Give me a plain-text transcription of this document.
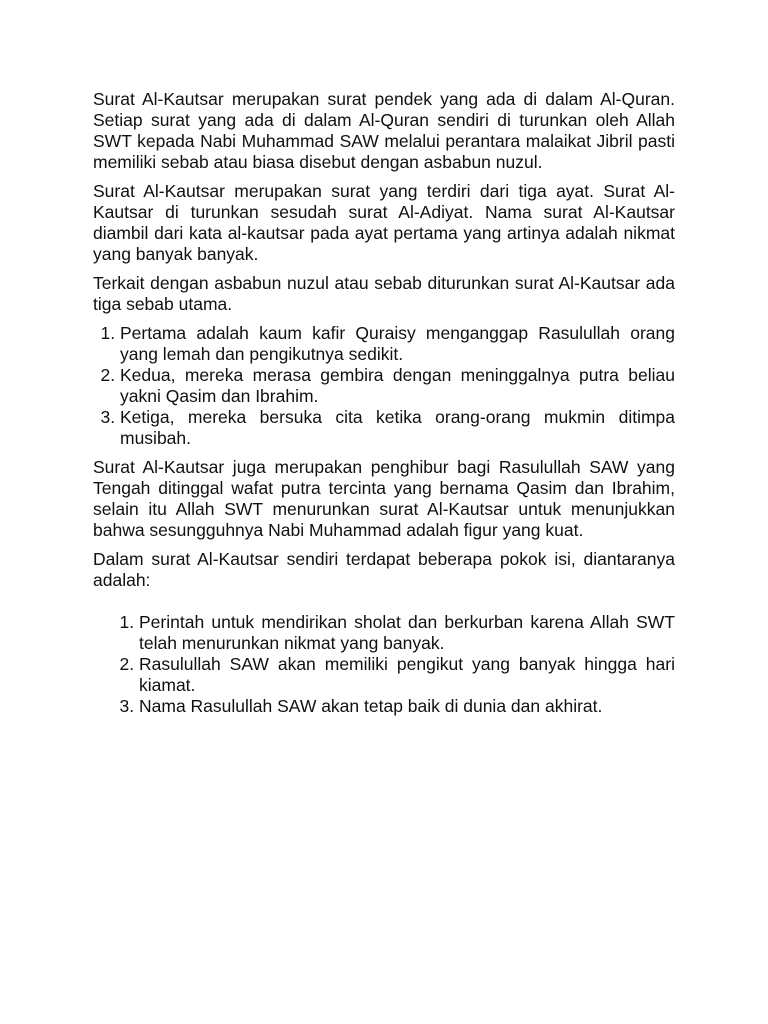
Surat Al-Kautsar merupakan surat pendek yang ada di dalam Al-Quran. Setiap surat yang ada di dalam Al-Quran sendiri di turunkan oleh Allah SWT kepada Nabi Muhammad SAW melalui perantara malaikat Jibril pasti memiliki sebab atau biasa disebut dengan asbabun nuzul.

Surat Al-Kautsar merupakan surat yang terdiri dari tiga ayat. Surat Al-Kautsar di turunkan sesudah surat Al-Adiyat. Nama surat Al-Kautsar diambil dari kata al-kautsar pada ayat pertama yang artinya adalah nikmat yang banyak banyak.

Terkait dengan asbabun nuzul atau sebab diturunkan surat Al-Kautsar ada tiga sebab utama.

1. Pertama adalah kaum kafir Quraisy menganggap Rasulullah orang yang lemah dan pengikutnya sedikit.
2. Kedua, mereka merasa gembira dengan meninggalnya putra beliau yakni Qasim dan Ibrahim.
3. Ketiga, mereka bersuka cita ketika orang-orang mukmin ditimpa musibah.

Surat Al-Kautsar juga merupakan penghibur bagi Rasulullah SAW yang Tengah ditinggal wafat putra tercinta yang bernama Qasim dan Ibrahim, selain itu Allah SWT menurunkan surat Al-Kautsar untuk menunjukkan bahwa sesungguhnya Nabi Muhammad adalah figur yang kuat.

Dalam surat Al-Kautsar sendiri terdapat beberapa pokok isi, diantaranya adalah:

1. Perintah untuk mendirikan sholat dan berkurban karena Allah SWT telah menurunkan nikmat yang banyak.
2. Rasulullah SAW akan memiliki pengikut yang banyak hingga hari kiamat.
3. Nama Rasulullah SAW akan tetap baik di dunia dan akhirat.
